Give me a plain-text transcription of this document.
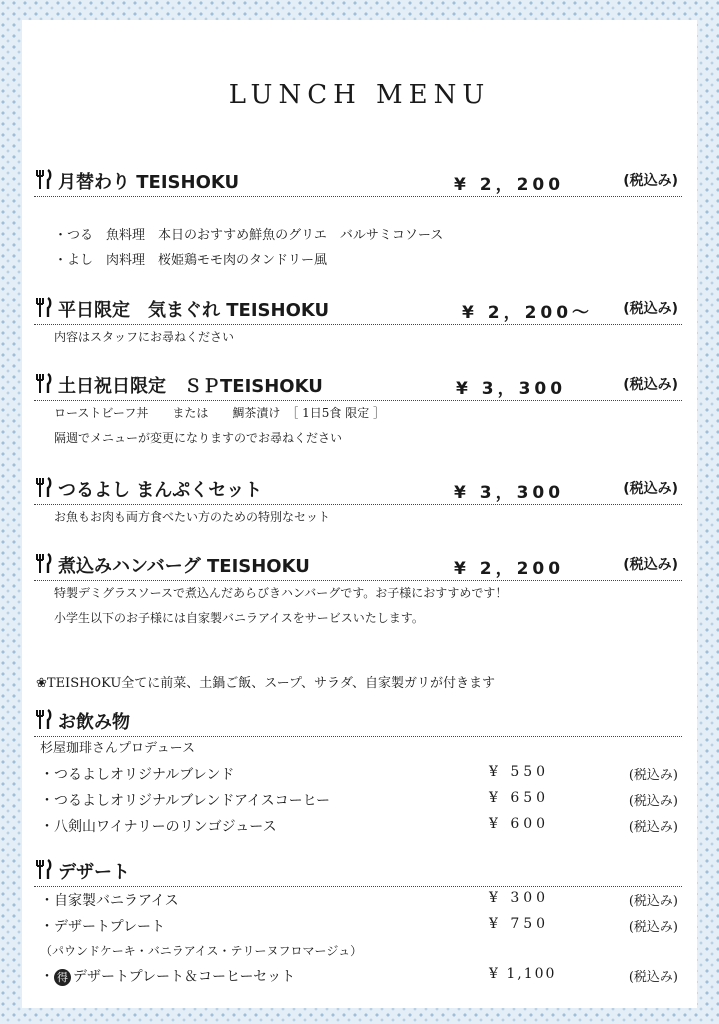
LUNCH MENU
月替わり TEISHOKU	¥ 2，200	(税込み)
・つる　魚料理　本日のおすすめ鮮魚のグリエ　バルサミコソース
・よし　肉料理　桜姫鶏モモ肉のタンドリー風
平日限定　気まぐれ TEISHOKU	¥ 2，200～ (税込み)
内容はスタッフにお尋ねください
土日祝日限定　ＳＰTEISHOKU	¥ 3，300	(税込み)
ローストビーフ丼　　または　　鯛茶漬け　［ 1日5食 限定 ］
隔週でメニューが変更になりますのでお尋ねください
つるよし まんぷくセット	¥ 3，300	(税込み)
お魚もお肉も両方食べたい方のための特別なセット
煮込みハンバーグ TEISHOKU	¥ 2，200	(税込み)
特製デミグラスソースで煮込んだあらびきハンバーグです。お子様におすすめです！
小学生以下のお子様には自家製バニラアイスをサービスいたします。
❀TEISHOKU全てに前菜、土鍋ご飯、スープ、サラダ、自家製ガリが付きます
お飲み物
杉屋珈琲さんプロデュース
・つるよしオリジナルブレンド	¥ 550	(税込み)
・つるよしオリジナルブレンドアイスコーヒー	¥ 650	(税込み)
・八剣山ワイナリーのリンゴジュース	¥ 600	(税込み)
デザート
・自家製バニラアイス	¥ 300	(税込み)
・デザートプレート	¥ 750	(税込み)
（パウンドケーキ・バニラアイス・テリーヌフロマージュ）
・ 得 デザートプレート＆コーヒーセット	¥ 1,100	(税込み)
